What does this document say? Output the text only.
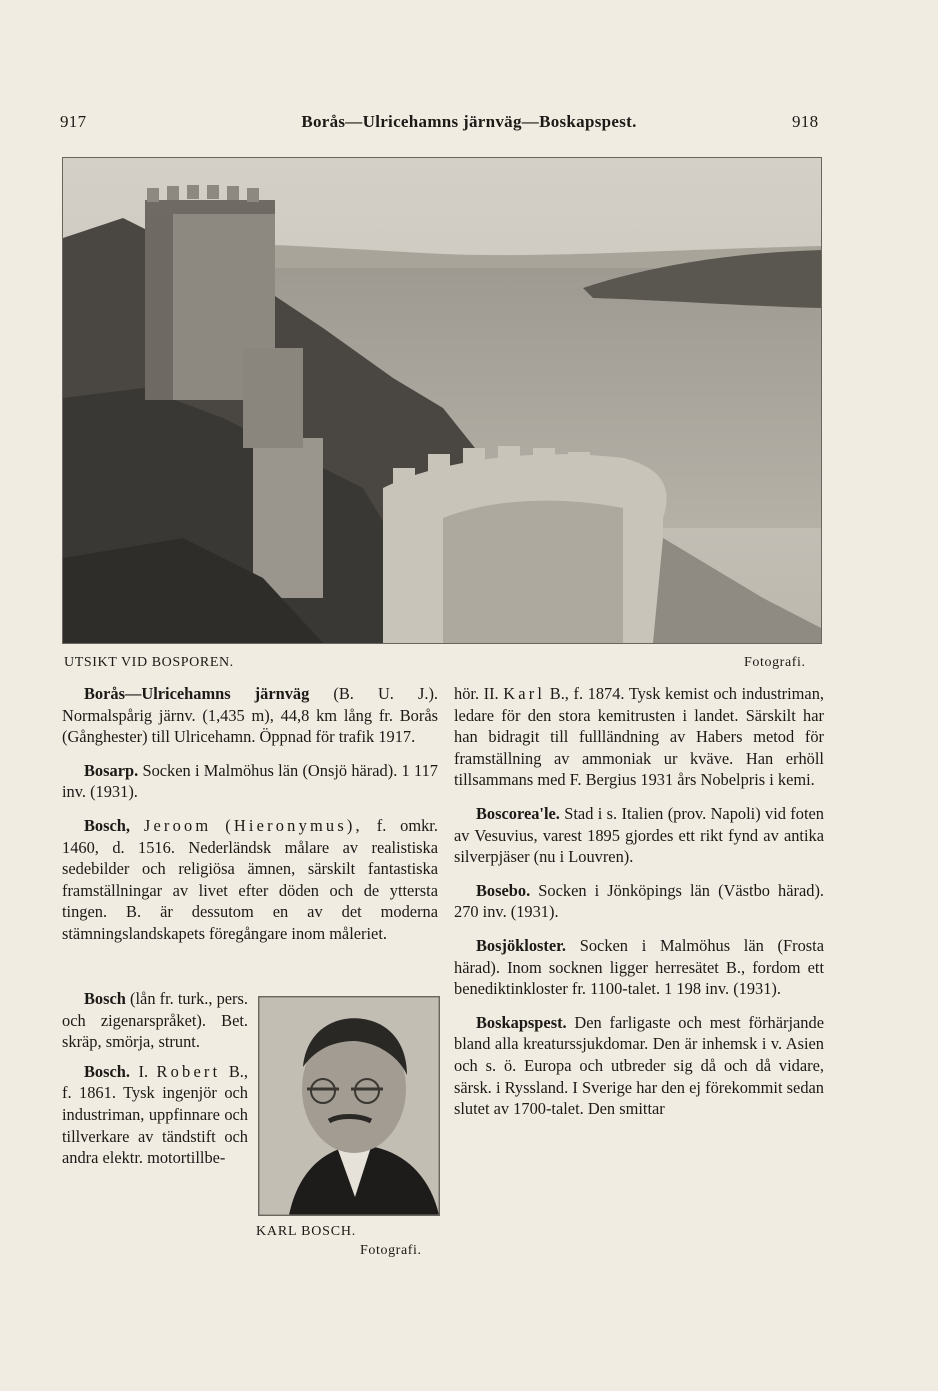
917	Borås—Ulricehamns järnväg—Boskapspest.	918
UTSIKT VID BOSPOREN.	Fotografi.

Borås—Ulricehamns järnväg (B. U. J.). Normalspårig järnv. (1,435 m), 44,8 km lång fr. Borås (Gånghester) till Ulricehamn. Öppnad för trafik 1917.

Bosarp. Socken i Malmöhus län (Onsjö härad). 1 117 inv. (1931).

Bosch, Jeroom (Hieronymus), f. omkr. 1460, d. 1516. Nederländsk målare av realistiska sedebilder och religiösa ämnen, särskilt fantastiska framställningar av livet efter döden och de yttersta tingen. B. är dessutom en av det moderna stämningslandskapets föregångare inom måleriet.

Bosch (lån fr. turk., pers. och zigenarspråket). Bet. skräp, smörja, strunt.

Bosch. I. Robert B., f. 1861. Tysk ingenjör och industriman, uppfinnare och tillverkare av tändstift och andra elektr. motortillbe-

KARL BOSCH.
Fotografi.

hör. II. Karl B., f. 1874. Tysk kemist och industriman, ledare för den stora kemitrusten i landet. Särskilt har han bidragit till fullländning av Habers metod för framställning av ammoniak ur kväve. Han erhöll tillsammans med F. Bergius 1931 års Nobelpris i kemi.

Boscorea'le. Stad i s. Italien (prov. Napoli) vid foten av Vesuvius, varest 1895 gjordes ett rikt fynd av antika silverpjäser (nu i Louvren).

Bosebo. Socken i Jönköpings län (Västbo härad). 270 inv. (1931).

Bosjökloster. Socken i Malmöhus län (Frosta härad). Inom socknen ligger herresätet B., fordom ett benediktinkloster fr. 1100-talet. 1 198 inv. (1931).

Boskapspest. Den farligaste och mest förhärjande bland alla kreaturssjukdomar. Den är inhemsk i v. Asien och s. ö. Europa och utbreder sig då och då vidare, särsk. i Ryssland. I Sverige har den ej förekommit sedan slutet av 1700-talet. Den smittar
